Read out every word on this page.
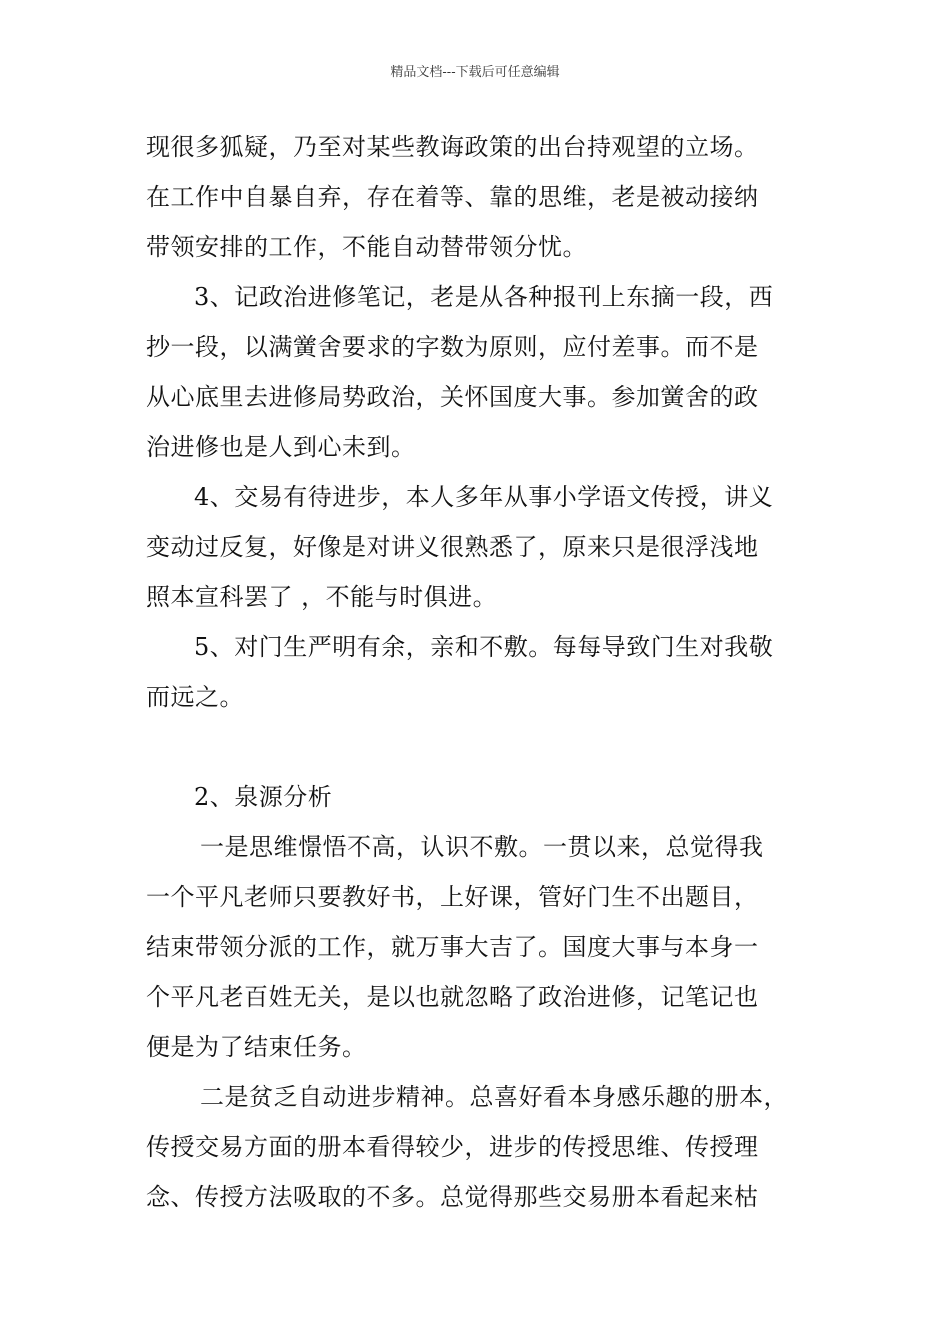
精品文档---下载后可任意编辑
现很多狐疑，乃至对某些教诲政策的出台持观望的立场。
在工作中自暴自弃，存在着等、靠的思维，老是被动接纳
带领安排的工作，不能自动替带领分忧。
3、记政治进修笔记，老是从各种报刊上东摘一段，西
抄一段，以满黉舍要求的字数为原则，应付差事。而不是
从心底里去进修局势政治，关怀国度大事。参加黉舍的政
治进修也是人到心未到。
4、交易有待进步，本人多年从事小学语文传授，讲义
变动过反复，好像是对讲义很熟悉了，原来只是很浮浅地
照本宣科罢了 ，不能与时俱进。
5、对门生严明有余，亲和不敷。每每导致门生对我敬
而远之。
2、泉源分析
一是思维憬悟不高，认识不敷。一贯以来，总觉得我
一个平凡老师只要教好书，上好课，管好门生不出题目，
结束带领分派的工作，就万事大吉了。国度大事与本身一
个平凡老百姓无关，是以也就忽略了政治进修，记笔记也
便是为了结束任务。
二是贫乏自动进步精神。总喜好看本身感乐趣的册本，
传授交易方面的册本看得较少，进步的传授思维、传授理
念、传授方法吸取的不多。总觉得那些交易册本看起来枯
